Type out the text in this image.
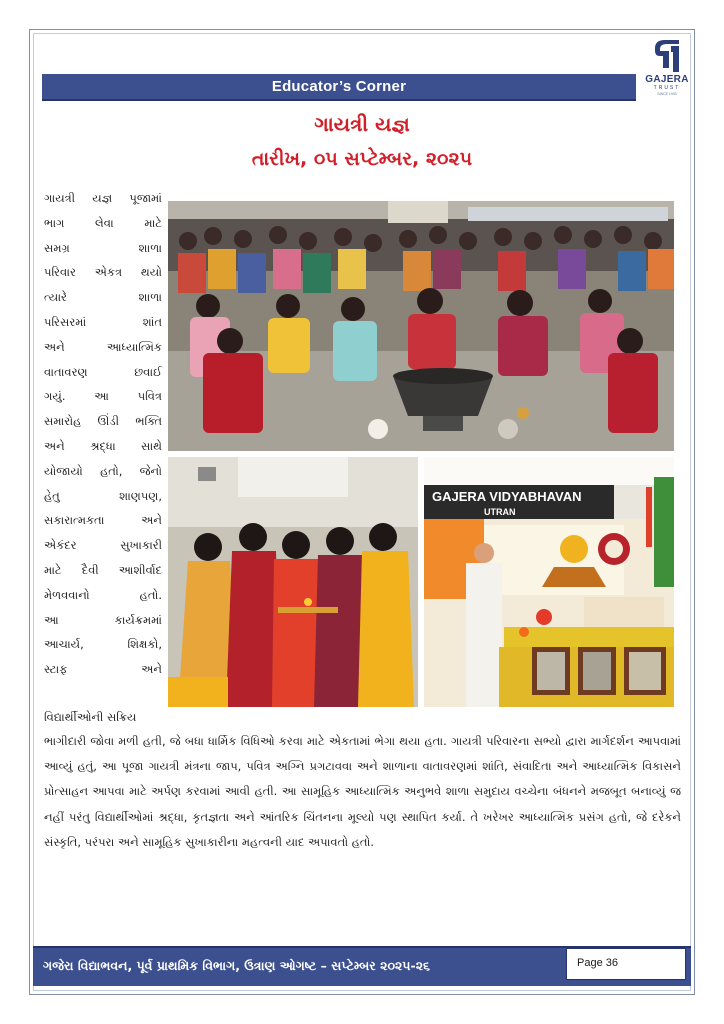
Educator’s Corner	GAJERA
TRUST
SINCE 1993
ગાયત્રી યજ્ઞ
તારીખ, ૦૫ સપ્ટેમ્બર, ૨૦૨૫
ગાયત્રી યજ્ઞ પૂજામાં
ભાગ લેવા માટે
સમગ્ર શાળા
પરિવાર એકત્ર થયો
ત્યારે શાળા
પરિસરમાં શાંત
અને આધ્યાત્મિક
વાતાવરણ છવાઈ
ગયું. આ પવિત્ર
સમારોહ ઊંડી ભક્તિ
અને શ્રદ્ધા સાથે
યોજાયો હતો, જેનો
હેતુ શાણપણ,
સકારાત્મકતા અને
એકંદર સુખાકારી
માટે દૈવી આશીર્વાદ
મેળવવાનો હતો.
આ કાર્યક્રમમાં
આચાર્ય, શિક્ષકો,
સ્ટાફ અને
વિદ્યાર્થીઓની સક્રિય
GAJERA VIDYABHAVAN
UTRAN
ભાગીદારી જોવા મળી હતી, જે બધા ધાર્મિક વિધિઓ કરવા માટે એકતામાં ભેગા થયા હતા. ગાયત્રી પરિવારના સભ્યો દ્વારા માર્ગદર્શન આપવામાં આવ્યું હતું, આ પૂજા ગાયત્રી મંત્રના જાપ, પવિત્ર અગ્નિ પ્રગટાવવા અને શાળાના વાતાવરણમાં શાંતિ, સંવાદિતા અને આધ્યાત્મિક વિકાસને પ્રોત્સાહન આપવા માટે અર્પણ કરવામાં આવી હતી. આ સામૂહિક આધ્યાત્મિક અનુભવે શાળા સમુદાય વચ્ચેના બંધનને મજબૂત બનાવ્યું જ નહીં પરંતુ વિદ્યાર્થીઓમાં શ્રદ્ધા, કૃતજ્ઞતા અને આંતરિક ચિંતનના મૂલ્યો પણ સ્થાપિત કર્યા. તે ખરેખર આધ્યાત્મિક પ્રસંગ હતો, જે દરેકને સંસ્કૃતિ, પરંપરા અને સામૂહિક સુખાકારીના મહત્વની યાદ અપાવતો હતો.
ગજેરા વિદ્યાભવન, પૂર્વ પ્રાથમિક વિભાગ, ઉત્રાણ ઓગષ્ટ – સપ્ટેમ્બર ૨૦૨૫-૨૬	Page 36
